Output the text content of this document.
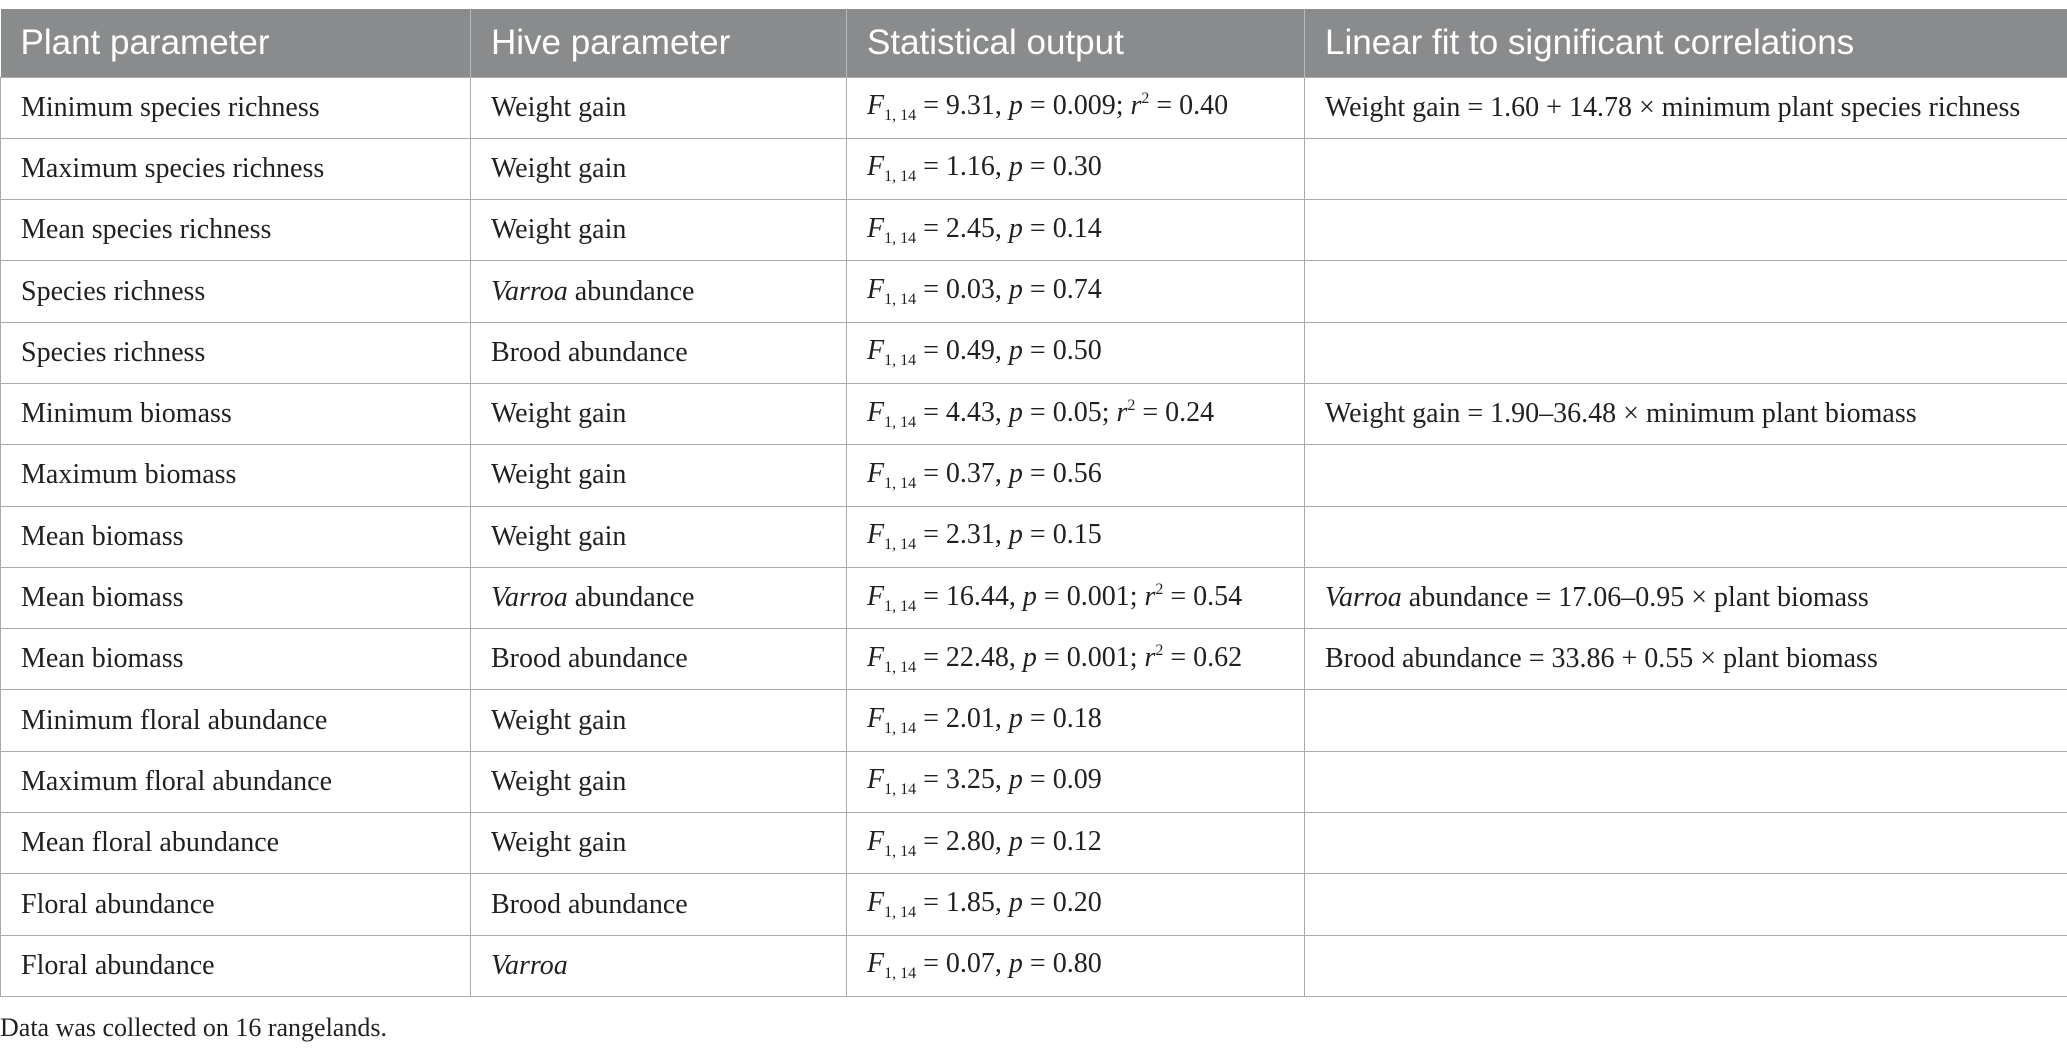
Plant parameter	Hive parameter	Statistical output	Linear fit to significant correlations
Minimum species richness	Weight gain	$F_{1, 14} = 9.31$, p = 0.009; $r^2 = 0.40$	Weight gain = 1.60 + 14.78 × minimum plant species richness
Maximum species richness	Weight gain	$F_{1, 14} = 1.16$, p = 0.30	
Mean species richness	Weight gain	$F_{1, 14} = 2.45$, p = 0.14	
Species richness	Varroa abundance	$F_{1, 14} = 0.03$, p = 0.74	
Species richness	Brood abundance	$F_{1, 14} = 0.49$, p = 0.50	
Minimum biomass	Weight gain	$F_{1, 14} = 4.43$, p = 0.05; $r^2 = 0.24$	Weight gain = 1.90–36.48 × minimum plant biomass
Maximum biomass	Weight gain	$F_{1, 14} = 0.37$, p = 0.56	
Mean biomass	Weight gain	$F_{1, 14} = 2.31$, p = 0.15	
Mean biomass	Varroa abundance	$F_{1, 14} = 16.44$, p = 0.001; $r^2 = 0.54$	Varroa abundance = 17.06–0.95 × plant biomass
Mean biomass	Brood abundance	$F_{1, 14} = 22.48$, p = 0.001; $r^2 = 0.62$	Brood abundance = 33.86 + 0.55 × plant biomass
Minimum floral abundance	Weight gain	$F_{1, 14} = 2.01$, p = 0.18	
Maximum floral abundance	Weight gain	$F_{1, 14} = 3.25$, p = 0.09	
Mean floral abundance	Weight gain	$F_{1, 14} = 2.80$, p = 0.12	
Floral abundance	Brood abundance	$F_{1, 14} = 1.85$, p = 0.20	
Floral abundance	Varroa	$F_{1, 14} = 0.07$, p = 0.80	
Data was collected on 16 rangelands.
